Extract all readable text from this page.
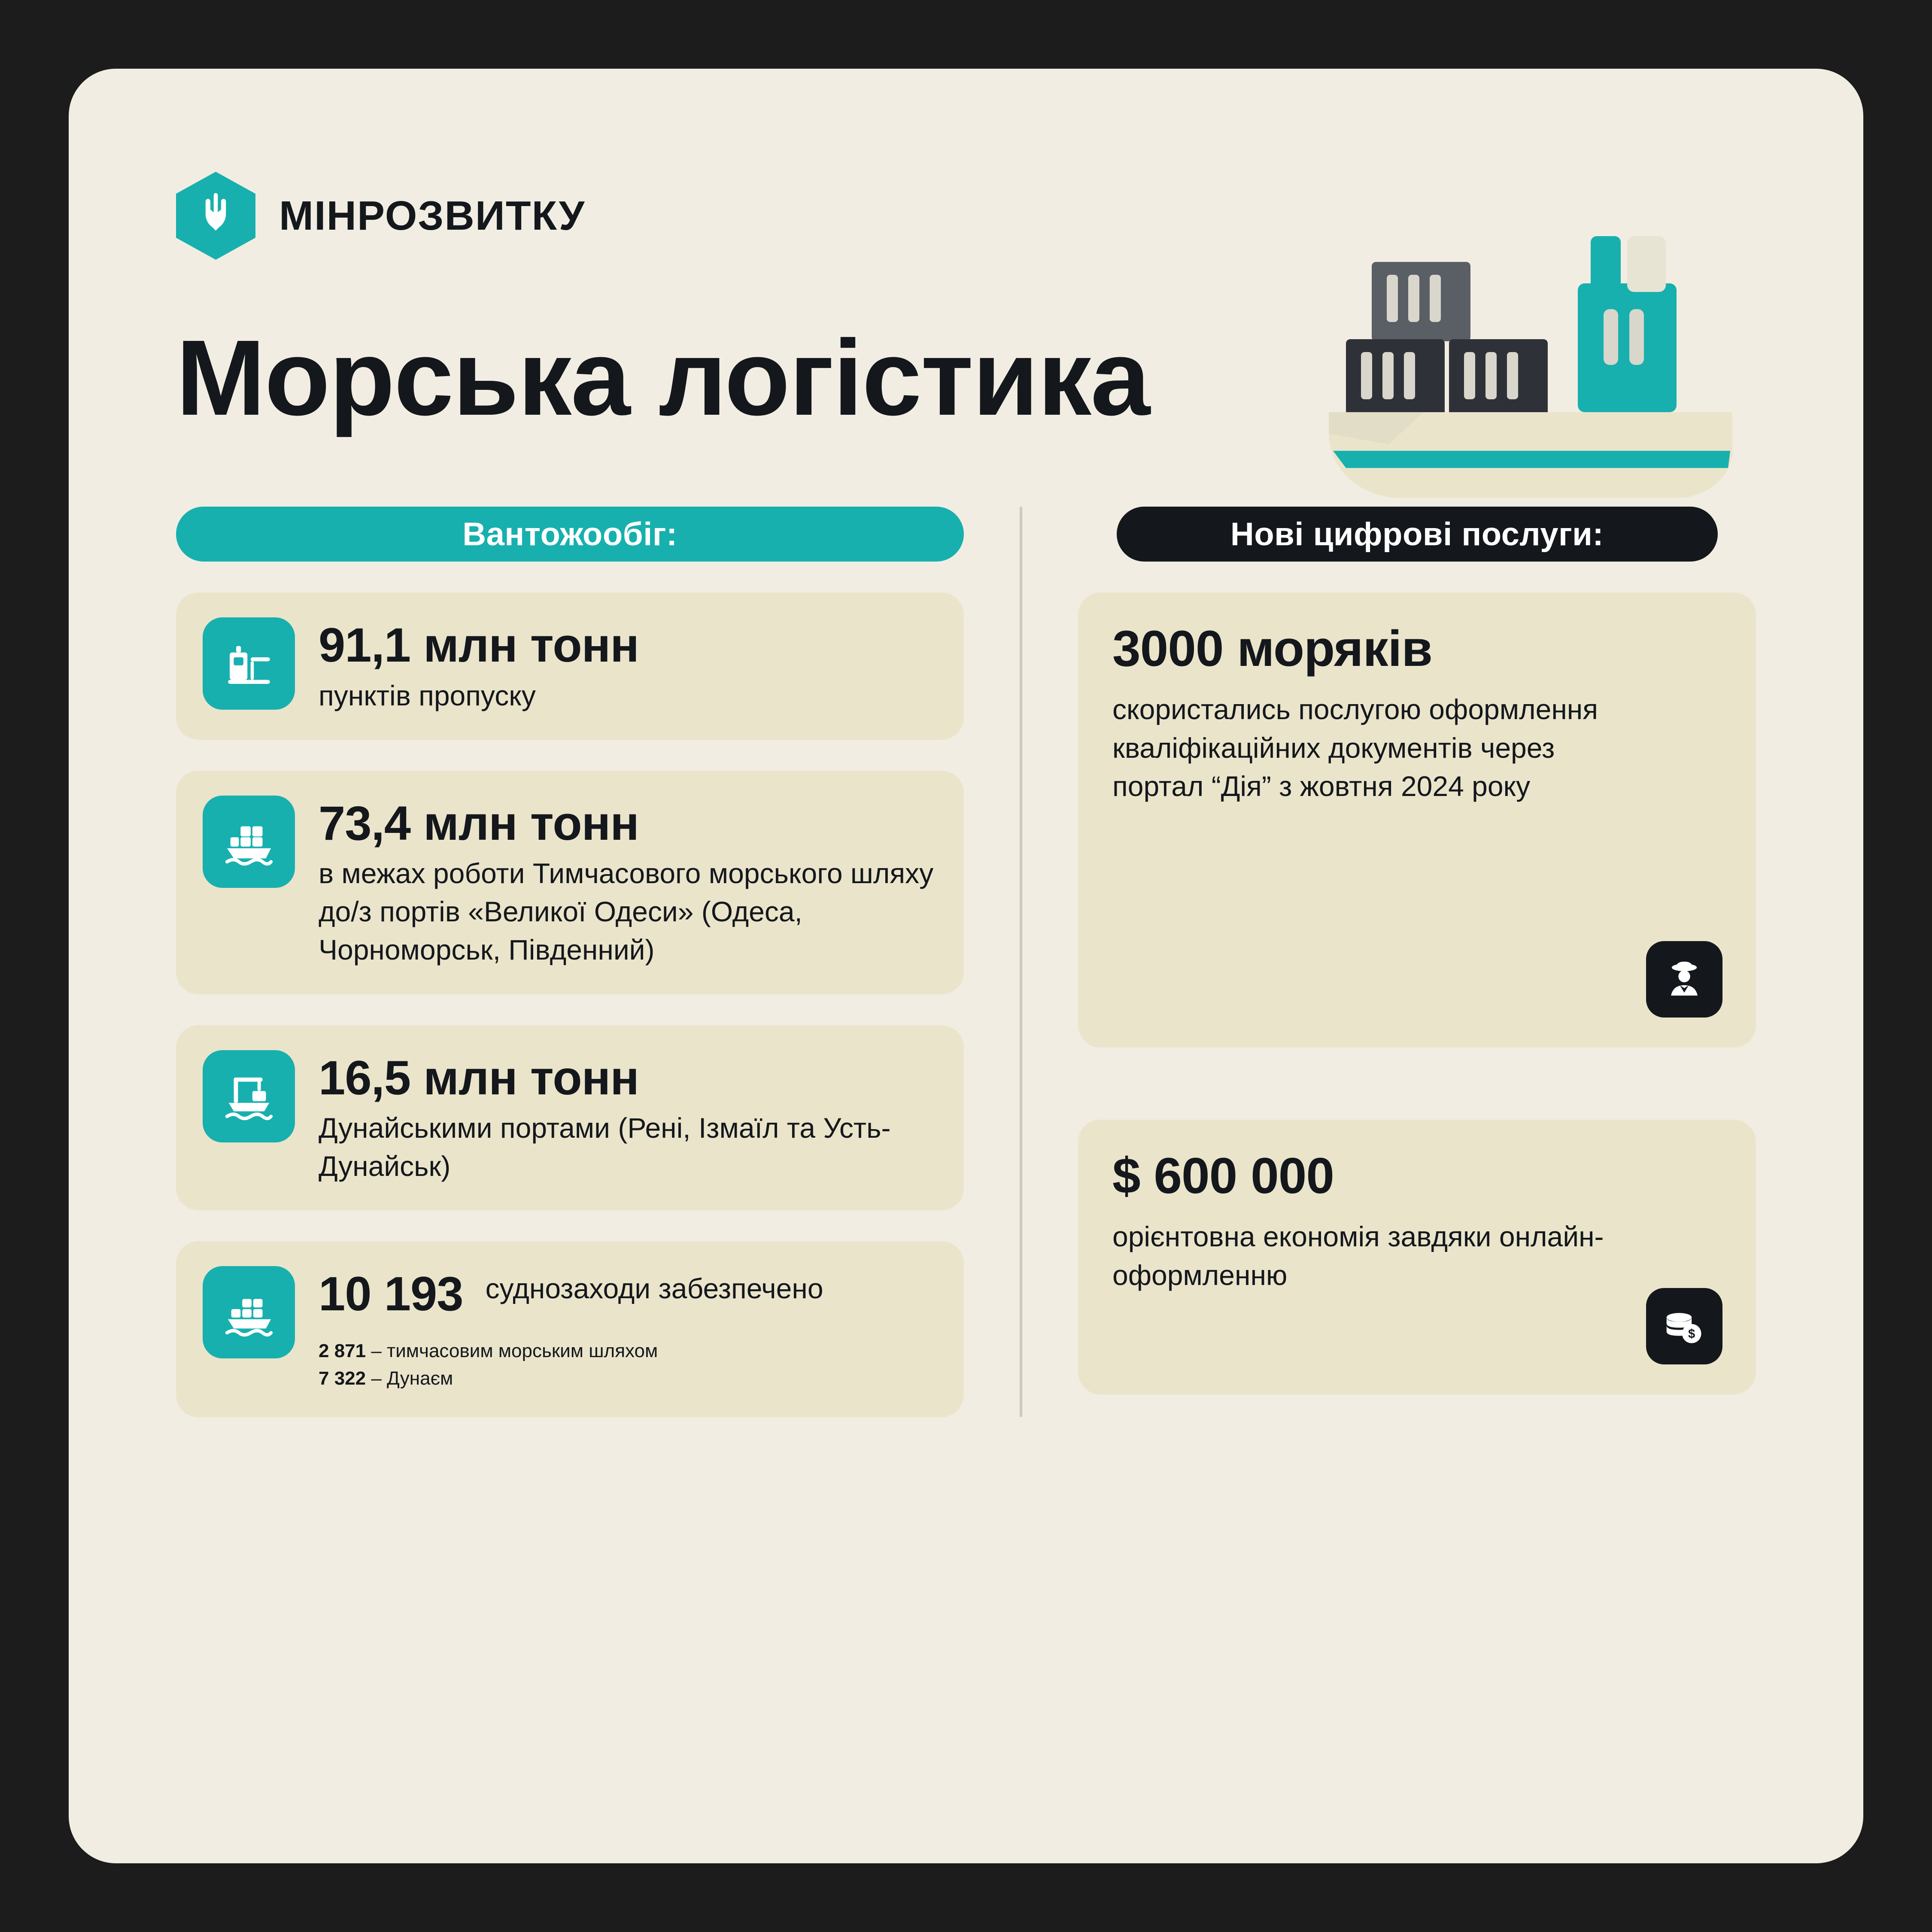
МІНРОЗВИТКУ
Морська логістика
Вантожообіг:
91,1 млн тонн
пунктів пропуску
73,4 млн тонн
в межах роботи Тимчасового морського шляху до/з портів «Великої Одеси» (Одеса, Чорноморськ, Південний)
16,5 млн тонн
Дунайськими портами (Рені, Ізмаїл та Усть-Дунайськ)
10 193 суднозаходи забезпечено
2 871 – тимчасовим морським шляхом
7 322 – Дунаєм
Нові цифрові послуги:
3000 моряків
скористались послугою оформлення кваліфікаційних документів через портал “Дія” з жовтня 2024 року
$ 600 000
орієнтовна економія завдяки онлайн-оформленню
$
